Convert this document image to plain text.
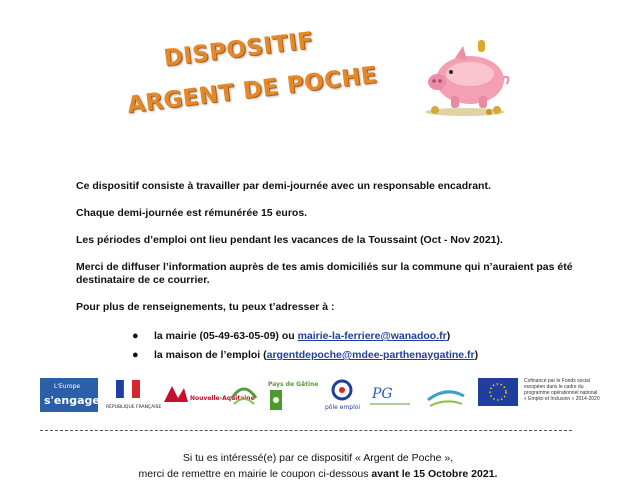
DISPOSITIF
ARGENT DE POCHE

Ce dispositif consiste à travailler par demi-journée avec un responsable encadrant.

Chaque demi-journée est rémunérée 15 euros.

Les périodes d’emploi ont lieu pendant les vacances de la Toussaint (Oct - Nov 2021).

Merci de diffuser l’information auprès de tes amis domiciliés sur la commune qui n’auraient pas été destinataire de ce courrier.

Pour plus de renseignements, tu peux t’adresser à :

● la mairie (05-49-63-05-09) ou mairie-la-ferriere@wanadoo.fr)
● la maison de l’emploi (argentdepoche@mdee-parthenaygatine.fr)
L'Europe
s'engage
RÉPUBLIQUE FRANÇAISE
Nouvelle-Aquitaine
Pays de Gâtine
pôle emploi
PG
Cofinancé par le Fonds social européen dans le cadre du programme opérationnel national « Emploi et Inclusion » 2014-2020
Si tu es intéressé(e) par ce dispositif « Argent de Poche »,
merci de remettre en mairie le coupon ci-dessous avant le 15 Octobre 2021.
